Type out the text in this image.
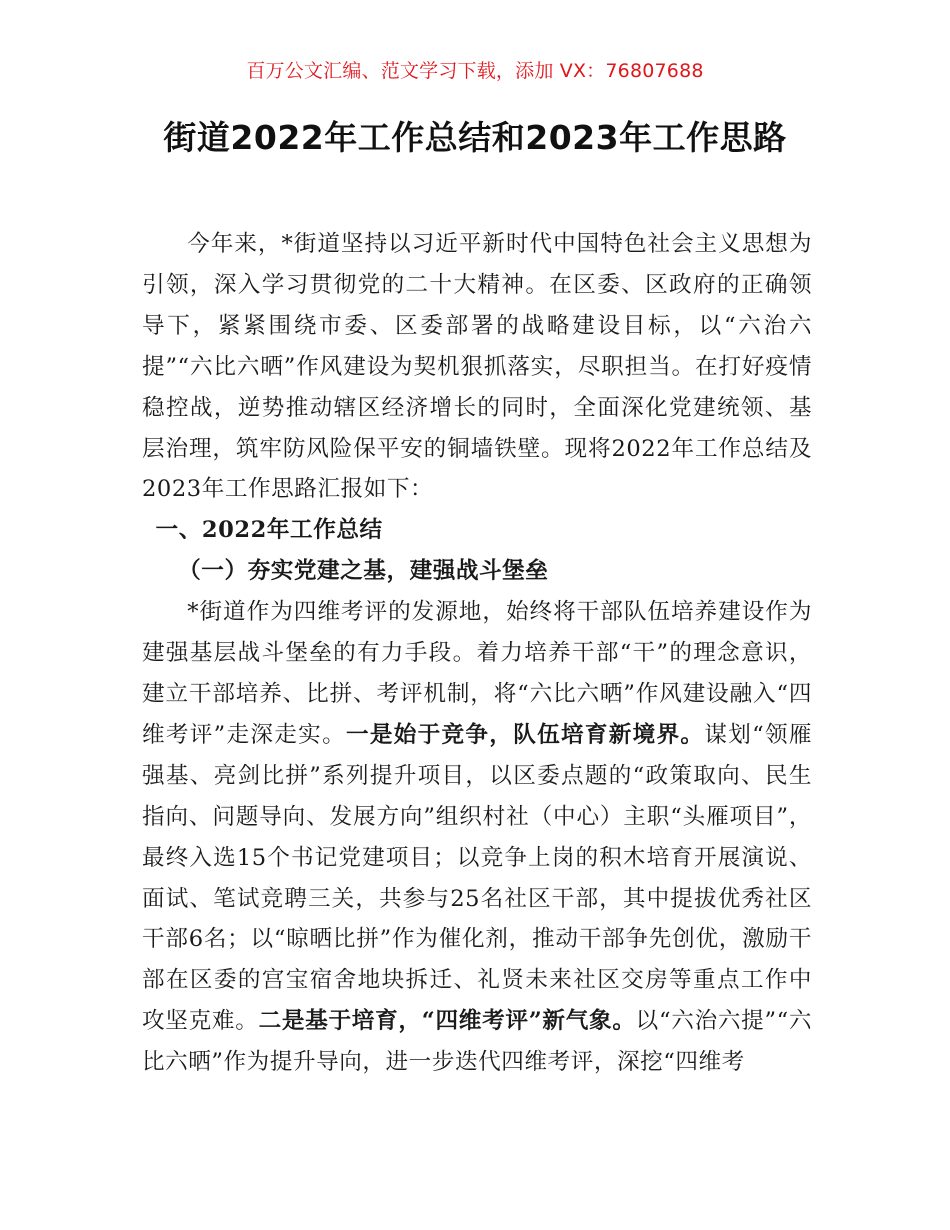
百万公文汇编、范文学习下载，添加 VX：76807688
街道2022年工作总结和2023年工作思路

今年来，*街道坚持以习近平新时代中国特色社会主义思想为引领，深入学习贯彻党的二十大精神。在区委、区政府的正确领导下，紧紧围绕市委、区委部署的战略建设目标，以“六治六提”“六比六晒”作风建设为契机狠抓落实，尽职担当。在打好疫情稳控战，逆势推动辖区经济增长的同时，全面深化党建统领、基层治理，筑牢防风险保平安的铜墙铁壁。现将2022年工作总结及2023年工作思路汇报如下：

一、2022年工作总结

（一）夯实党建之基，建强战斗堡垒

*街道作为四维考评的发源地，始终将干部队伍培养建设作为建强基层战斗堡垒的有力手段。着力培养干部“干”的理念意识，建立干部培养、比拼、考评机制，将“六比六晒”作风建设融入“四维考评”走深走实。一是始于竞争，队伍培育新境界。谋划“领雁强基、亮剑比拼”系列提升项目，以区委点题的“政策取向、民生指向、问题导向、发展方向”组织村社（中心）主职“头雁项目”，最终入选15个书记党建项目；以竞争上岗的积木培育开展演说、面试、笔试竞聘三关，共参与25名社区干部，其中提拔优秀社区干部6名；以“晾晒比拼”作为催化剂，推动干部争先创优，激励干部在区委的宫宝宿舍地块拆迁、礼贤未来社区交房等重点工作中攻坚克难。二是基于培育，“四维考评”新气象。以“六治六提”“六比六晒”作为提升导向，进一步迭代四维考评，深挖“四维考
